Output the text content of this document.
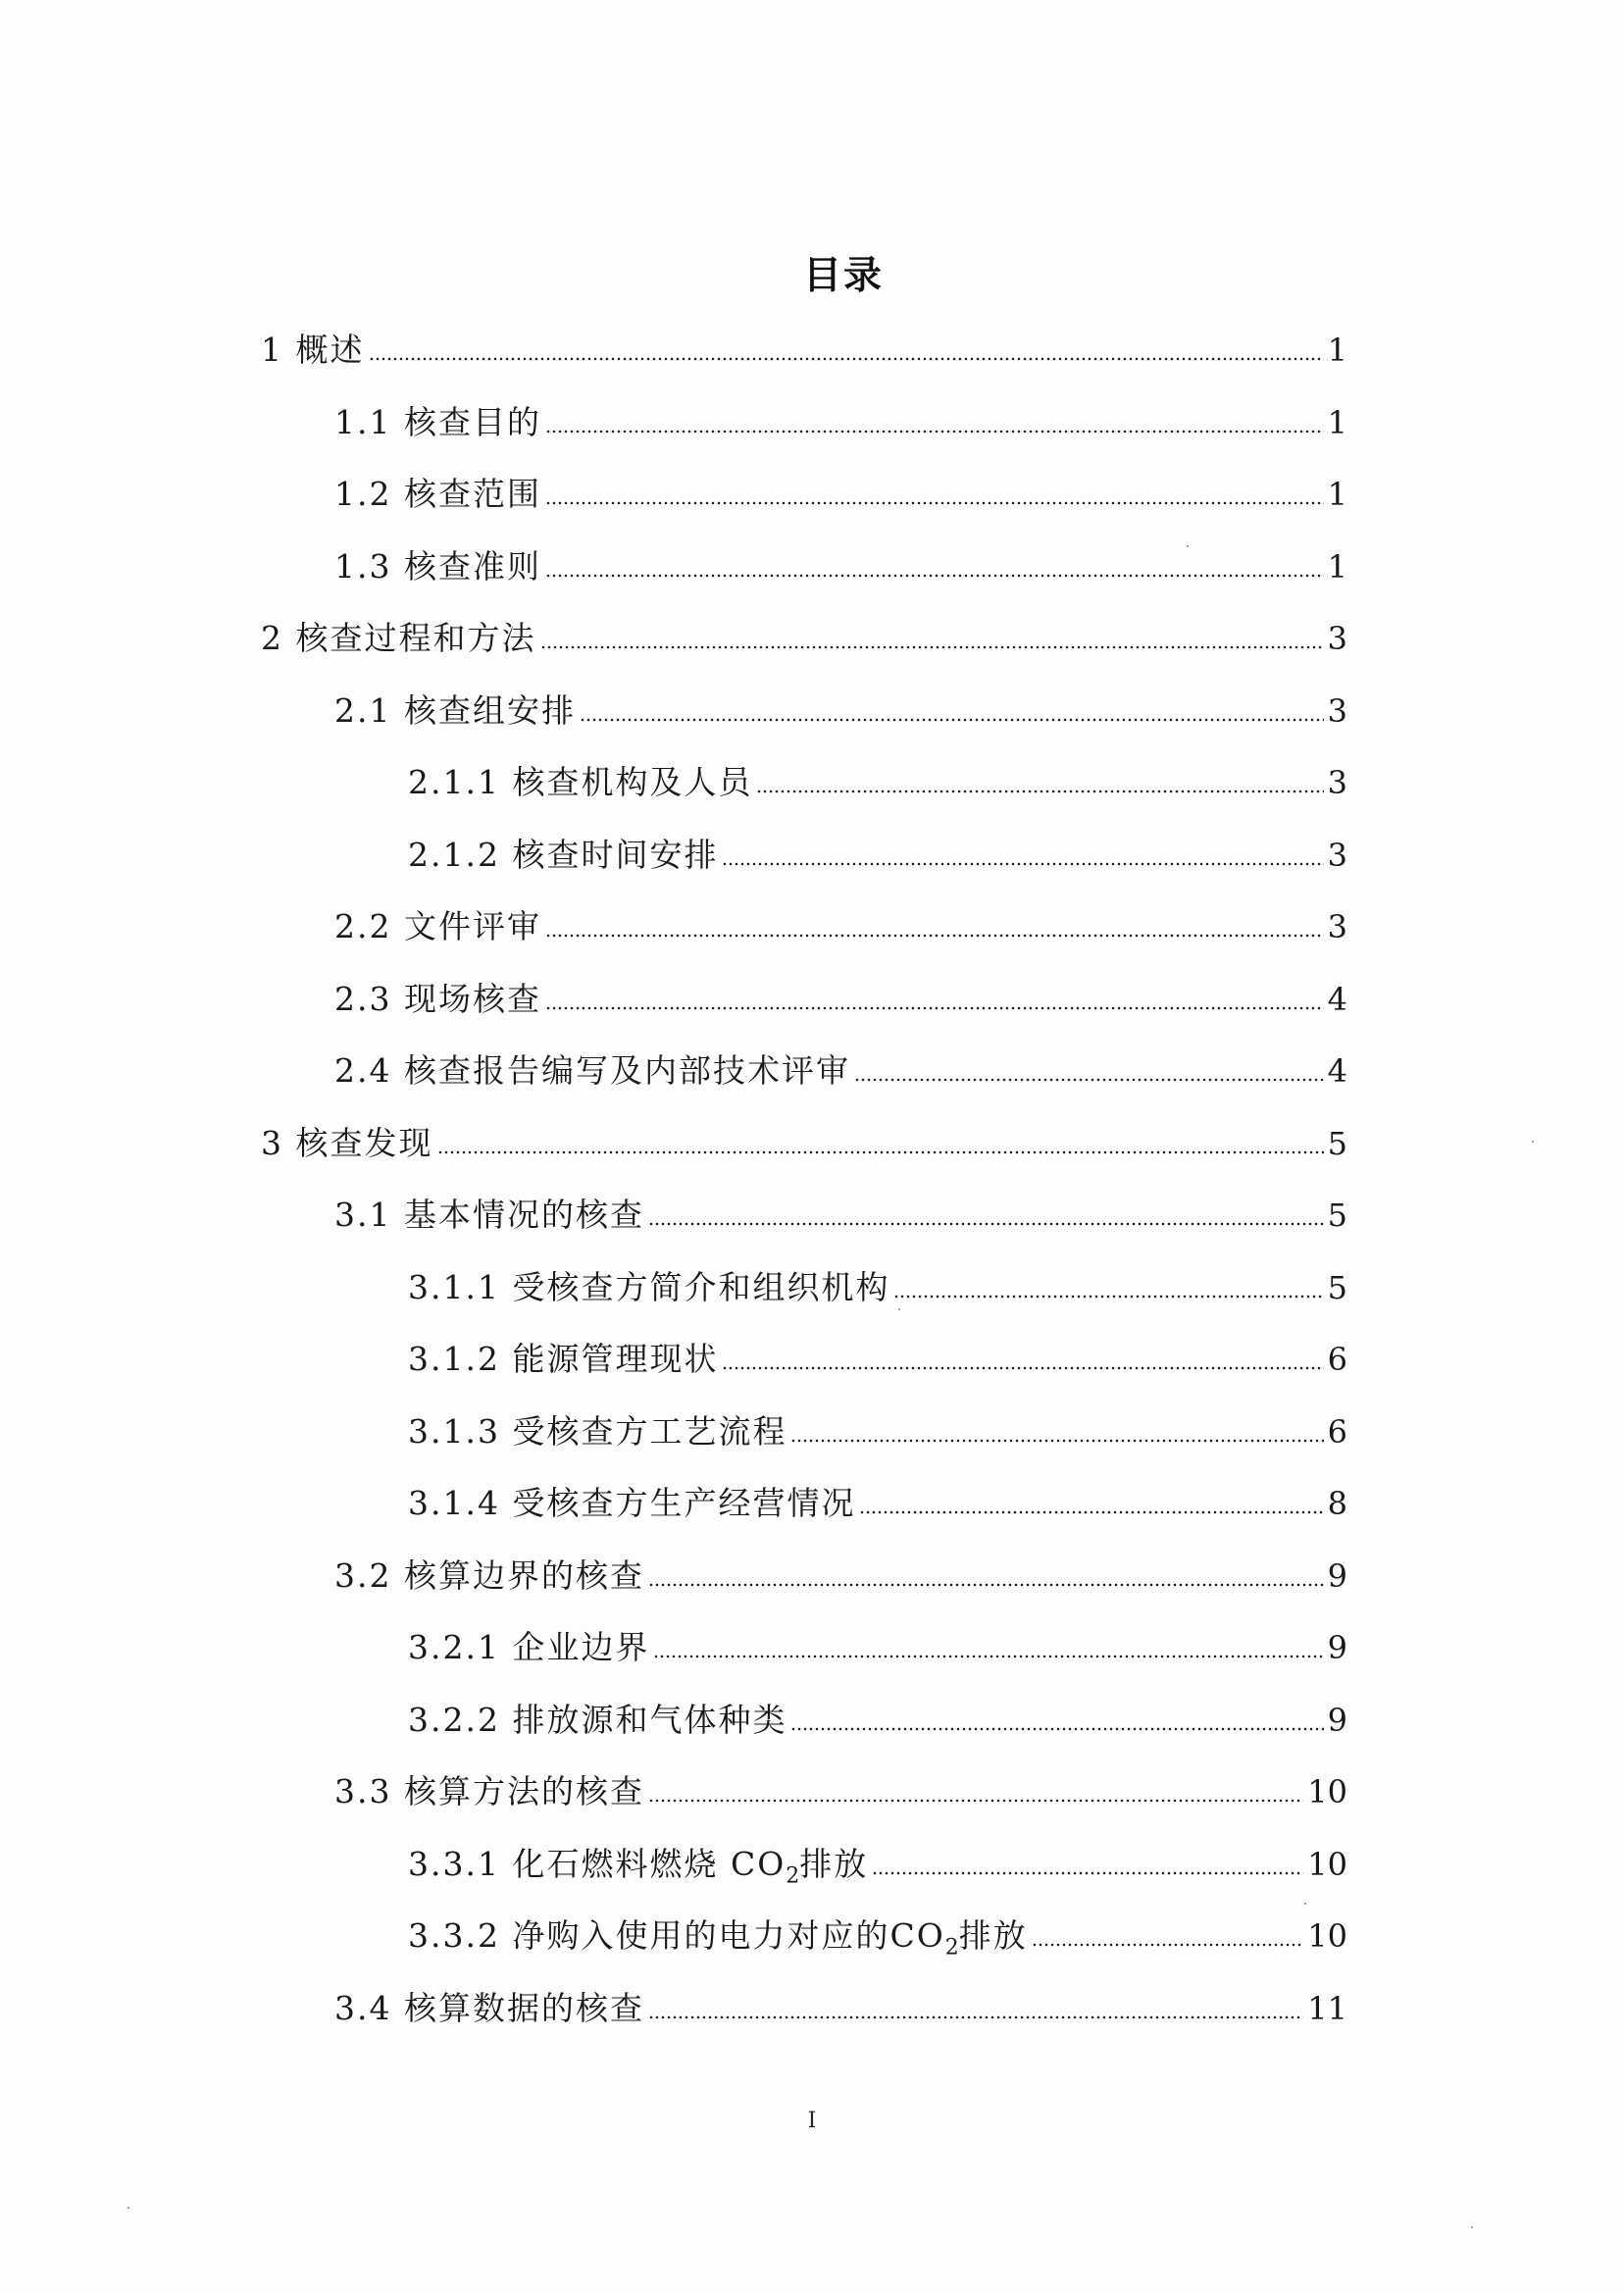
目录
1 概述	1
1.1 核查目的	1
1.2 核查范围	1
1.3 核查准则	1
2 核查过程和方法	3
2.1 核查组安排	3
2.1.1 核查机构及人员	3
2.1.2 核查时间安排	3
2.2 文件评审	3
2.3 现场核查	4
2.4 核查报告编写及内部技术评审	4
3 核查发现	5
3.1 基本情况的核查	5
3.1.1 受核查方简介和组织机构	5
3.1.2 能源管理现状	6
3.1.3 受核查方工艺流程	6
3.1.4 受核查方生产经营情况	8
3.2 核算边界的核查	9
3.2.1 企业边界	9
3.2.2 排放源和气体种类	9
3.3 核算方法的核查	10
3.3.1 化石燃料燃烧 $CO_2$排放	10
3.3.2 净购入使用的电力对应的$CO_2$排放	10
3.4 核算数据的核查	11
I
